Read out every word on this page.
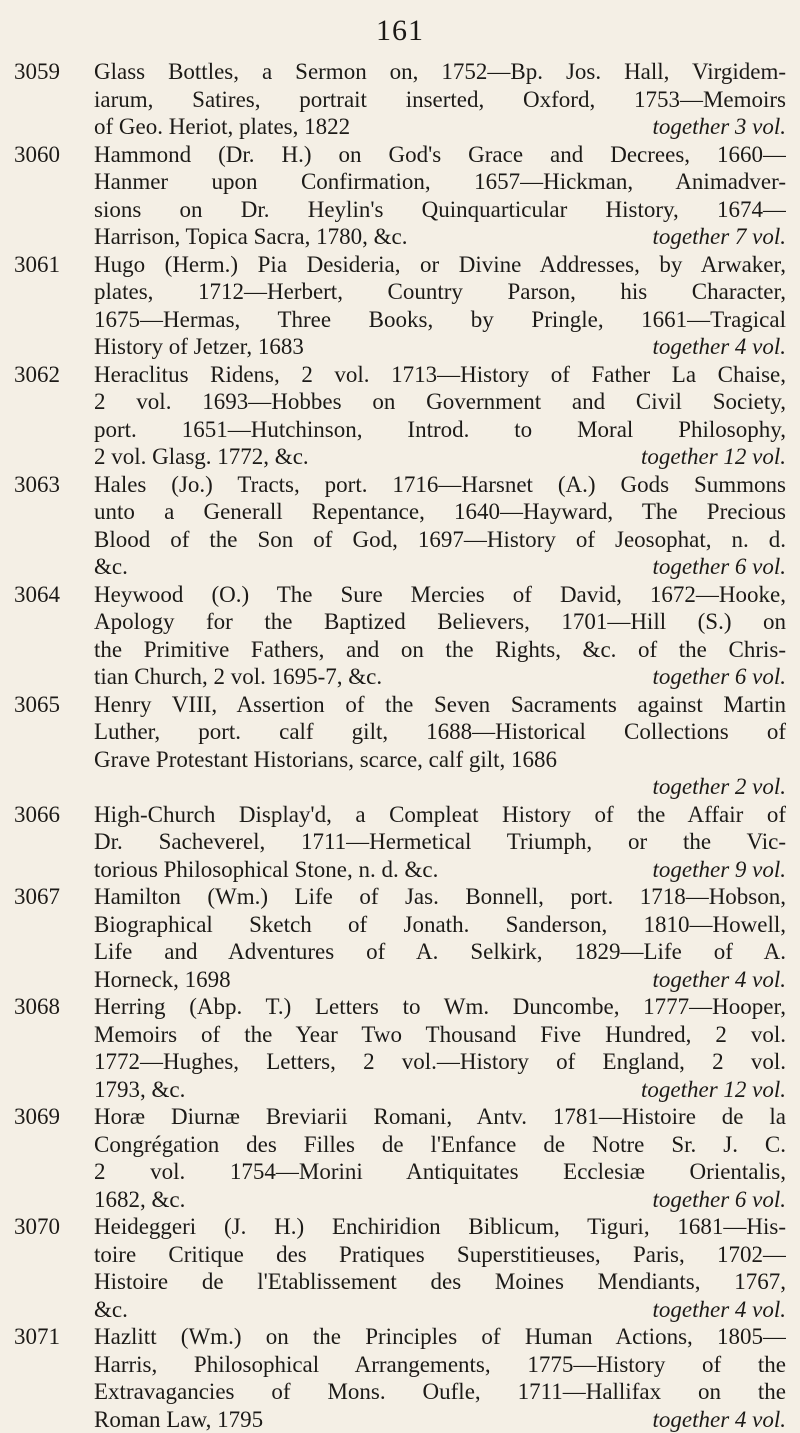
161
3059	Glass Bottles, a Sermon on, 1752—Bp. Jos. Hall, Virgidem-
iarum, Satires, portrait inserted, Oxford, 1753—Memoirs
of Geo. Heriot, plates, 1822	together 3 vol.
3060	Hammond (Dr. H.) on God's Grace and Decrees, 1660—
Hanmer upon Confirmation, 1657—Hickman, Animadver-
sions on Dr. Heylin's Quinquarticular History, 1674—
Harrison, Topica Sacra, 1780, &c.	together 7 vol.
3061	Hugo (Herm.) Pia Desideria, or Divine Addresses, by Arwaker,
plates, 1712—Herbert, Country Parson, his Character,
1675—Hermas, Three Books, by Pringle, 1661—Tragical
History of Jetzer, 1683	together 4 vol.
3062	Heraclitus Ridens, 2 vol. 1713—History of Father La Chaise,
2 vol. 1693—Hobbes on Government and Civil Society,
port. 1651—Hutchinson, Introd. to Moral Philosophy,
2 vol. Glasg. 1772, &c.	together 12 vol.
3063	Hales (Jo.) Tracts, port. 1716—Harsnet (A.) Gods Summons
unto a Generall Repentance, 1640—Hayward, The Precious
Blood of the Son of God, 1697—History of Jeosophat, n. d.
&c.	together 6 vol.
3064	Heywood (O.) The Sure Mercies of David, 1672—Hooke,
Apology for the Baptized Believers, 1701—Hill (S.) on
the Primitive Fathers, and on the Rights, &c. of the Chris-
tian Church, 2 vol. 1695-7, &c.	together 6 vol.
3065	Henry VIII, Assertion of the Seven Sacraments against Martin
Luther, port. calf gilt, 1688—Historical Collections of
Grave Protestant Historians, scarce, calf gilt, 1686
together 2 vol.
3066	High-Church Display'd, a Compleat History of the Affair of
Dr. Sacheverel, 1711—Hermetical Triumph, or the Vic-
torious Philosophical Stone, n. d. &c.	together 9 vol.
3067	Hamilton (Wm.) Life of Jas. Bonnell, port. 1718—Hobson,
Biographical Sketch of Jonath. Sanderson, 1810—Howell,
Life and Adventures of A. Selkirk, 1829—Life of A.
Horneck, 1698	together 4 vol.
3068	Herring (Abp. T.) Letters to Wm. Duncombe, 1777—Hooper,
Memoirs of the Year Two Thousand Five Hundred, 2 vol.
1772—Hughes, Letters, 2 vol.—History of England, 2 vol.
1793, &c.	together 12 vol.
3069	Horæ Diurnæ Breviarii Romani, Antv. 1781—Histoire de la
Congrégation des Filles de l'Enfance de Notre Sr. J. C.
2 vol. 1754—Morini Antiquitates Ecclesiæ Orientalis,
1682, &c.	together 6 vol.
3070	Heideggeri (J. H.) Enchiridion Biblicum, Tiguri, 1681—His-
toire Critique des Pratiques Superstitieuses, Paris, 1702—
Histoire de l'Etablissement des Moines Mendiants, 1767,
&c.	together 4 vol.
3071	Hazlitt (Wm.) on the Principles of Human Actions, 1805—
Harris, Philosophical Arrangements, 1775—History of the
Extravagancies of Mons. Oufle, 1711—Hallifax on the
Roman Law, 1795	together 4 vol.
